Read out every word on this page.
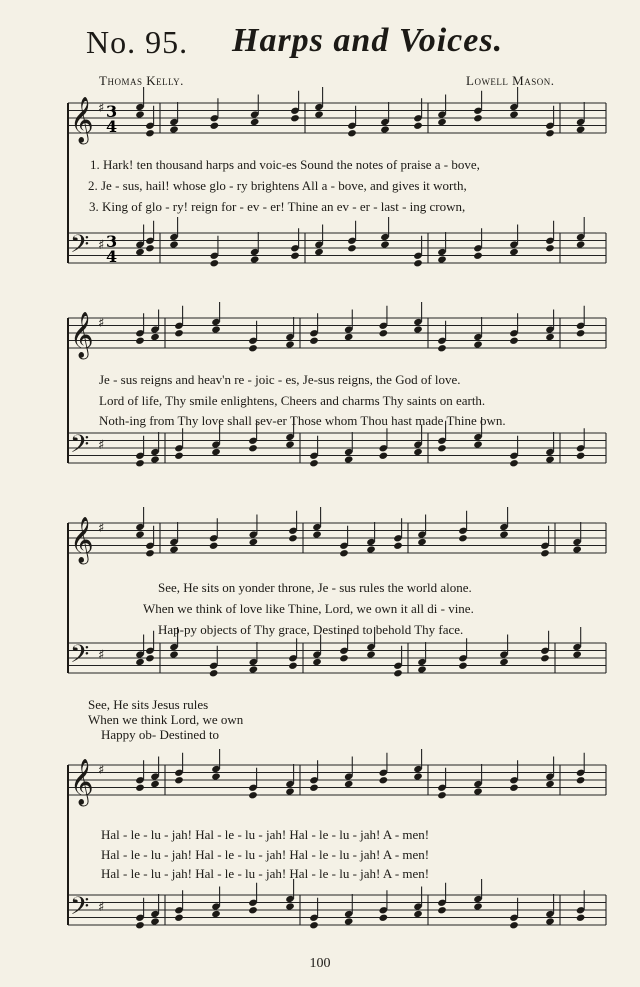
No. 95. Harps and Voices.
Thomas Kelly.	Lowell Mason.
𝄞 ♯
𝄢 ♯
𝄞 ♯
𝄢 ♯
𝄞 ♯
𝄢 ♯
𝄞 ♯
𝄢 ♯
3
4
3
4
1. Hark! ten thousand harps and voic-es Sound the notes of praise a - bove,
2. Je - sus, hail! whose glo - ry brightens All a - bove, and gives it worth,
3. King of glo - ry! reign for - ev - er! Thine an ev - er - last - ing crown,
Je - sus reigns and heav'n re - joic - es, Je-sus reigns, the God of love.
Lord of life, Thy smile enlightens, Cheers and charms Thy saints on earth.
Noth-ing from Thy love shall sev-er Those whom Thou hast made Thine own.
See, He sits on yonder throne, Je - sus rules the world alone.
When we think of love like Thine, Lord, we own it all di - vine.
Hap-py objects of Thy grace, Destined to behold Thy face.
See, He sits Jesus rules
When we think Lord, we own
Happy ob- Destined to
Hal - le - lu - jah! Hal - le - lu - jah! Hal - le - lu - jah! A - men!
Hal - le - lu - jah! Hal - le - lu - jah! Hal - le - lu - jah! A - men!
Hal - le - lu - jah! Hal - le - lu - jah! Hal - le - lu - jah! A - men!
100
